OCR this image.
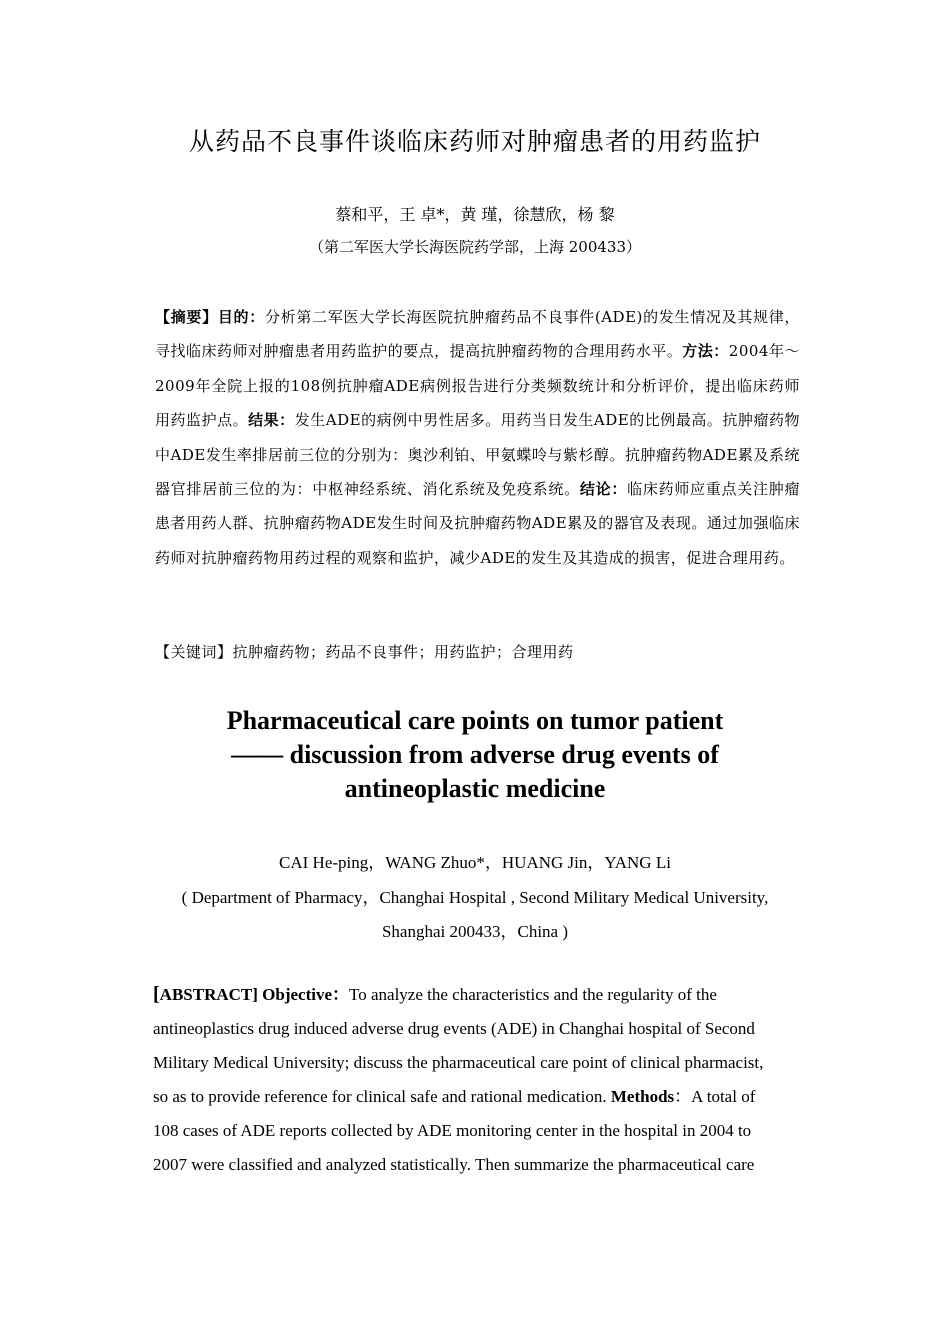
从药品不良事件谈临床药师对肿瘤患者的用药监护
蔡和平，王 卓*，黄 瑾，徐慧欣，杨 黎
（第二军医大学长海医院药学部，上海 200433）

【摘要】目的：分析第二军医大学长海医院抗肿瘤药品不良事件(ADE)的发生情况及其规律，寻找临床药师对肿瘤患者用药监护的要点，提高抗肿瘤药物的合理用药水平。方法：2004年～2009年全院上报的108例抗肿瘤ADE病例报告进行分类频数统计和分析评价，提出临床药师用药监护点。结果：发生ADE的病例中男性居多。用药当日发生ADE的比例最高。抗肿瘤药物中ADE发生率排居前三位的分别为：奥沙利铂、甲氨蝶呤与紫杉醇。抗肿瘤药物ADE累及系统器官排居前三位的为：中枢神经系统、消化系统及免疫系统。结论：临床药师应重点关注肿瘤患者用药人群、抗肿瘤药物ADE发生时间及抗肿瘤药物ADE累及的器官及表现。通过加强临床药师对抗肿瘤药物用药过程的观察和监护，减少ADE的发生及其造成的损害，促进合理用药。

【关键词】抗肿瘤药物；药品不良事件；用药监护；合理用药

Pharmaceutical care points on tumor patient
—— discussion from adverse drug events of
antineoplastic medicine
CAI He-ping，WANG Zhuo*，HUANG Jin，YANG Li
( Department of Pharmacy，Changhai Hospital , Second Military Medical University,
Shanghai 200433，China )
[ABSTRACT] Objective：To analyze the characteristics and the regularity of the
antineoplastics drug induced adverse drug events (ADE) in Changhai hospital of Second
Military Medical University; discuss the pharmaceutical care point of clinical pharmacist,
so as to provide reference for clinical safe and rational medication. Methods：A total of
108 cases of ADE reports collected by ADE monitoring center in the hospital in 2004 to
2007 were classified and analyzed statistically. Then summarize the pharmaceutical care
